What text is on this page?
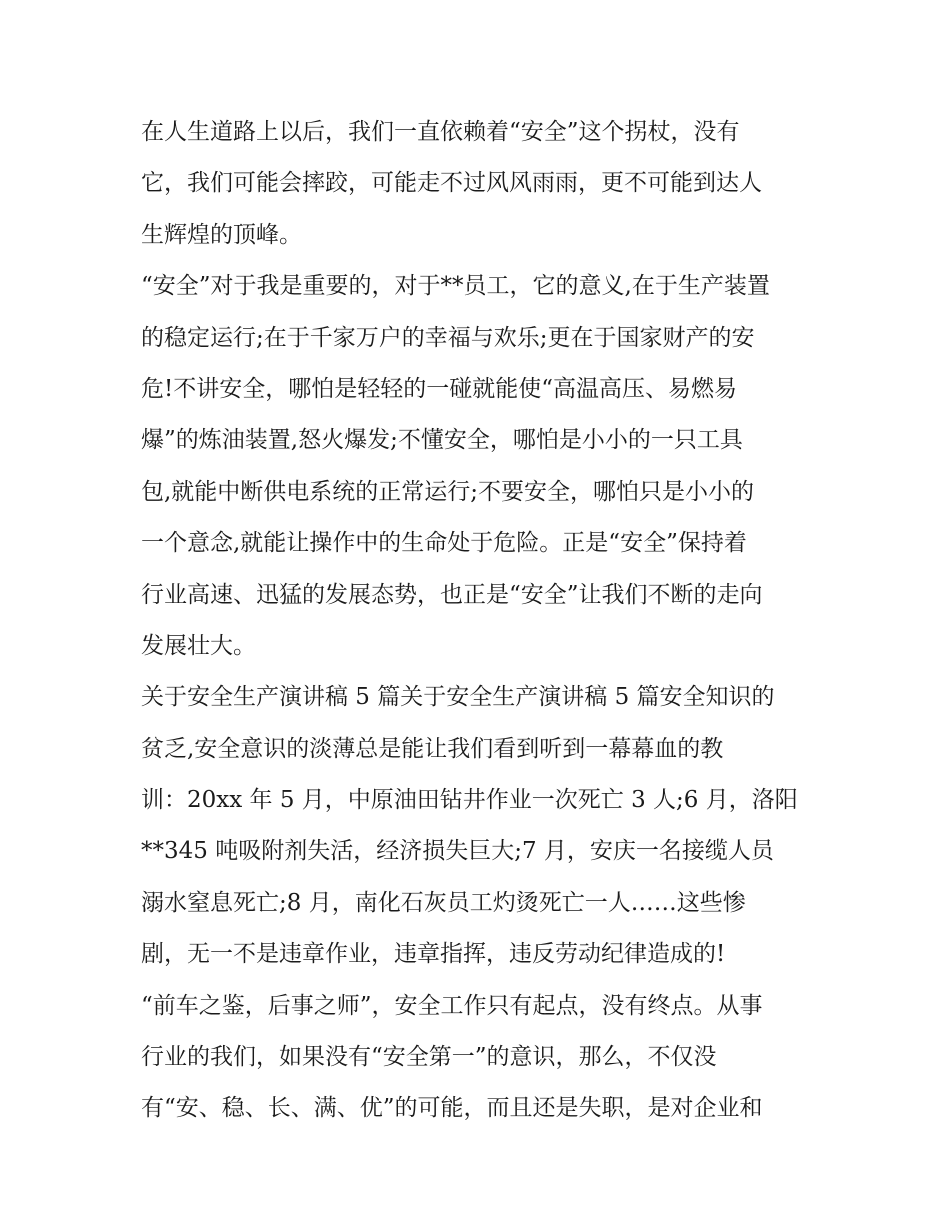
在人生道路上以后，我们一直依赖着“安全”这个拐杖，没有
它，我们可能会摔跤，可能走不过风风雨雨，更不可能到达人
生辉煌的顶峰。
“安全”对于我是重要的，对于**员工，它的意义,在于生产装置
的稳定运行;在于千家万户的幸福与欢乐;更在于国家财产的安
危!不讲安全，哪怕是轻轻的一碰就能使“高温高压、易燃易
爆”的炼油装置,怒火爆发;不懂安全，哪怕是小小的一只工具
包,就能中断供电系统的正常运行;不要安全，哪怕只是小小的
一个意念,就能让操作中的生命处于危险。正是“安全”保持着
行业高速、迅猛的发展态势，也正是“安全”让我们不断的走向
发展壮大。
关于安全生产演讲稿 5 篇关于安全生产演讲稿 5 篇安全知识的
贫乏,安全意识的淡薄总是能让我们看到听到一幕幕血的教
训：20xx 年 5 月，中原油田钻井作业一次死亡 3 人;6 月，洛阳
**345 吨吸附剂失活，经济损失巨大;7 月，安庆一名接缆人员
溺水窒息死亡;8 月，南化石灰员工灼烫死亡一人……这些惨
剧，无一不是违章作业，违章指挥，违反劳动纪律造成的!
“前车之鉴，后事之师”，安全工作只有起点，没有终点。从事
行业的我们，如果没有“安全第一”的意识，那么，不仅没
有“安、稳、长、满、优”的可能，而且还是失职，是对企业和
